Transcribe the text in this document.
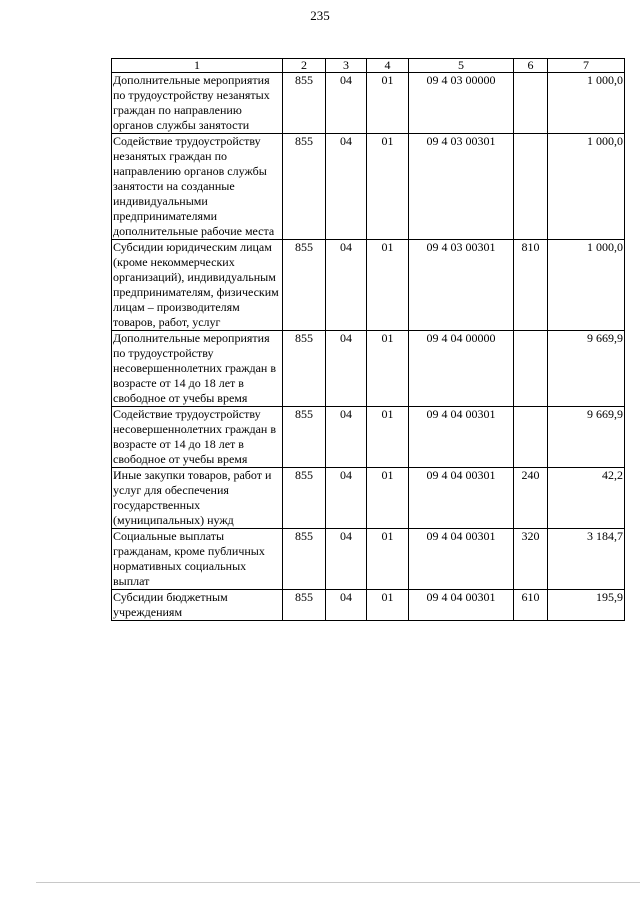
235
1	2	3	4	5	6	7
Дополнительные мероприятия по трудоустройству незанятых граждан по направлению органов службы занятости	855	04	01	09 4 03 00000		1 000,0
Содействие трудоустройству незанятых граждан по направлению органов службы занятости на созданные индивидуальными предпринимателями дополнительные рабочие места	855	04	01	09 4 03 00301		1 000,0
Субсидии юридическим лицам (кроме некоммерческих организаций), индивидуальным предпринимателям, физическим лицам – производителям товаров, работ, услуг	855	04	01	09 4 03 00301	810	1 000,0
Дополнительные мероприятия по трудоустройству несовершеннолетних граждан в возрасте от 14 до 18 лет в свободное от учебы время	855	04	01	09 4 04 00000		9 669,9
Содействие трудоустройству несовершеннолетних граждан в возрасте от 14 до 18 лет в свободное от учебы время	855	04	01	09 4 04 00301		9 669,9
Иные закупки товаров, работ и услуг для обеспечения государственных (муниципальных) нужд	855	04	01	09 4 04 00301	240	42,2
Социальные выплаты гражданам, кроме публичных нормативных социальных выплат	855	04	01	09 4 04 00301	320	3 184,7
Субсидии бюджетным учреждениям	855	04	01	09 4 04 00301	610	195,9
